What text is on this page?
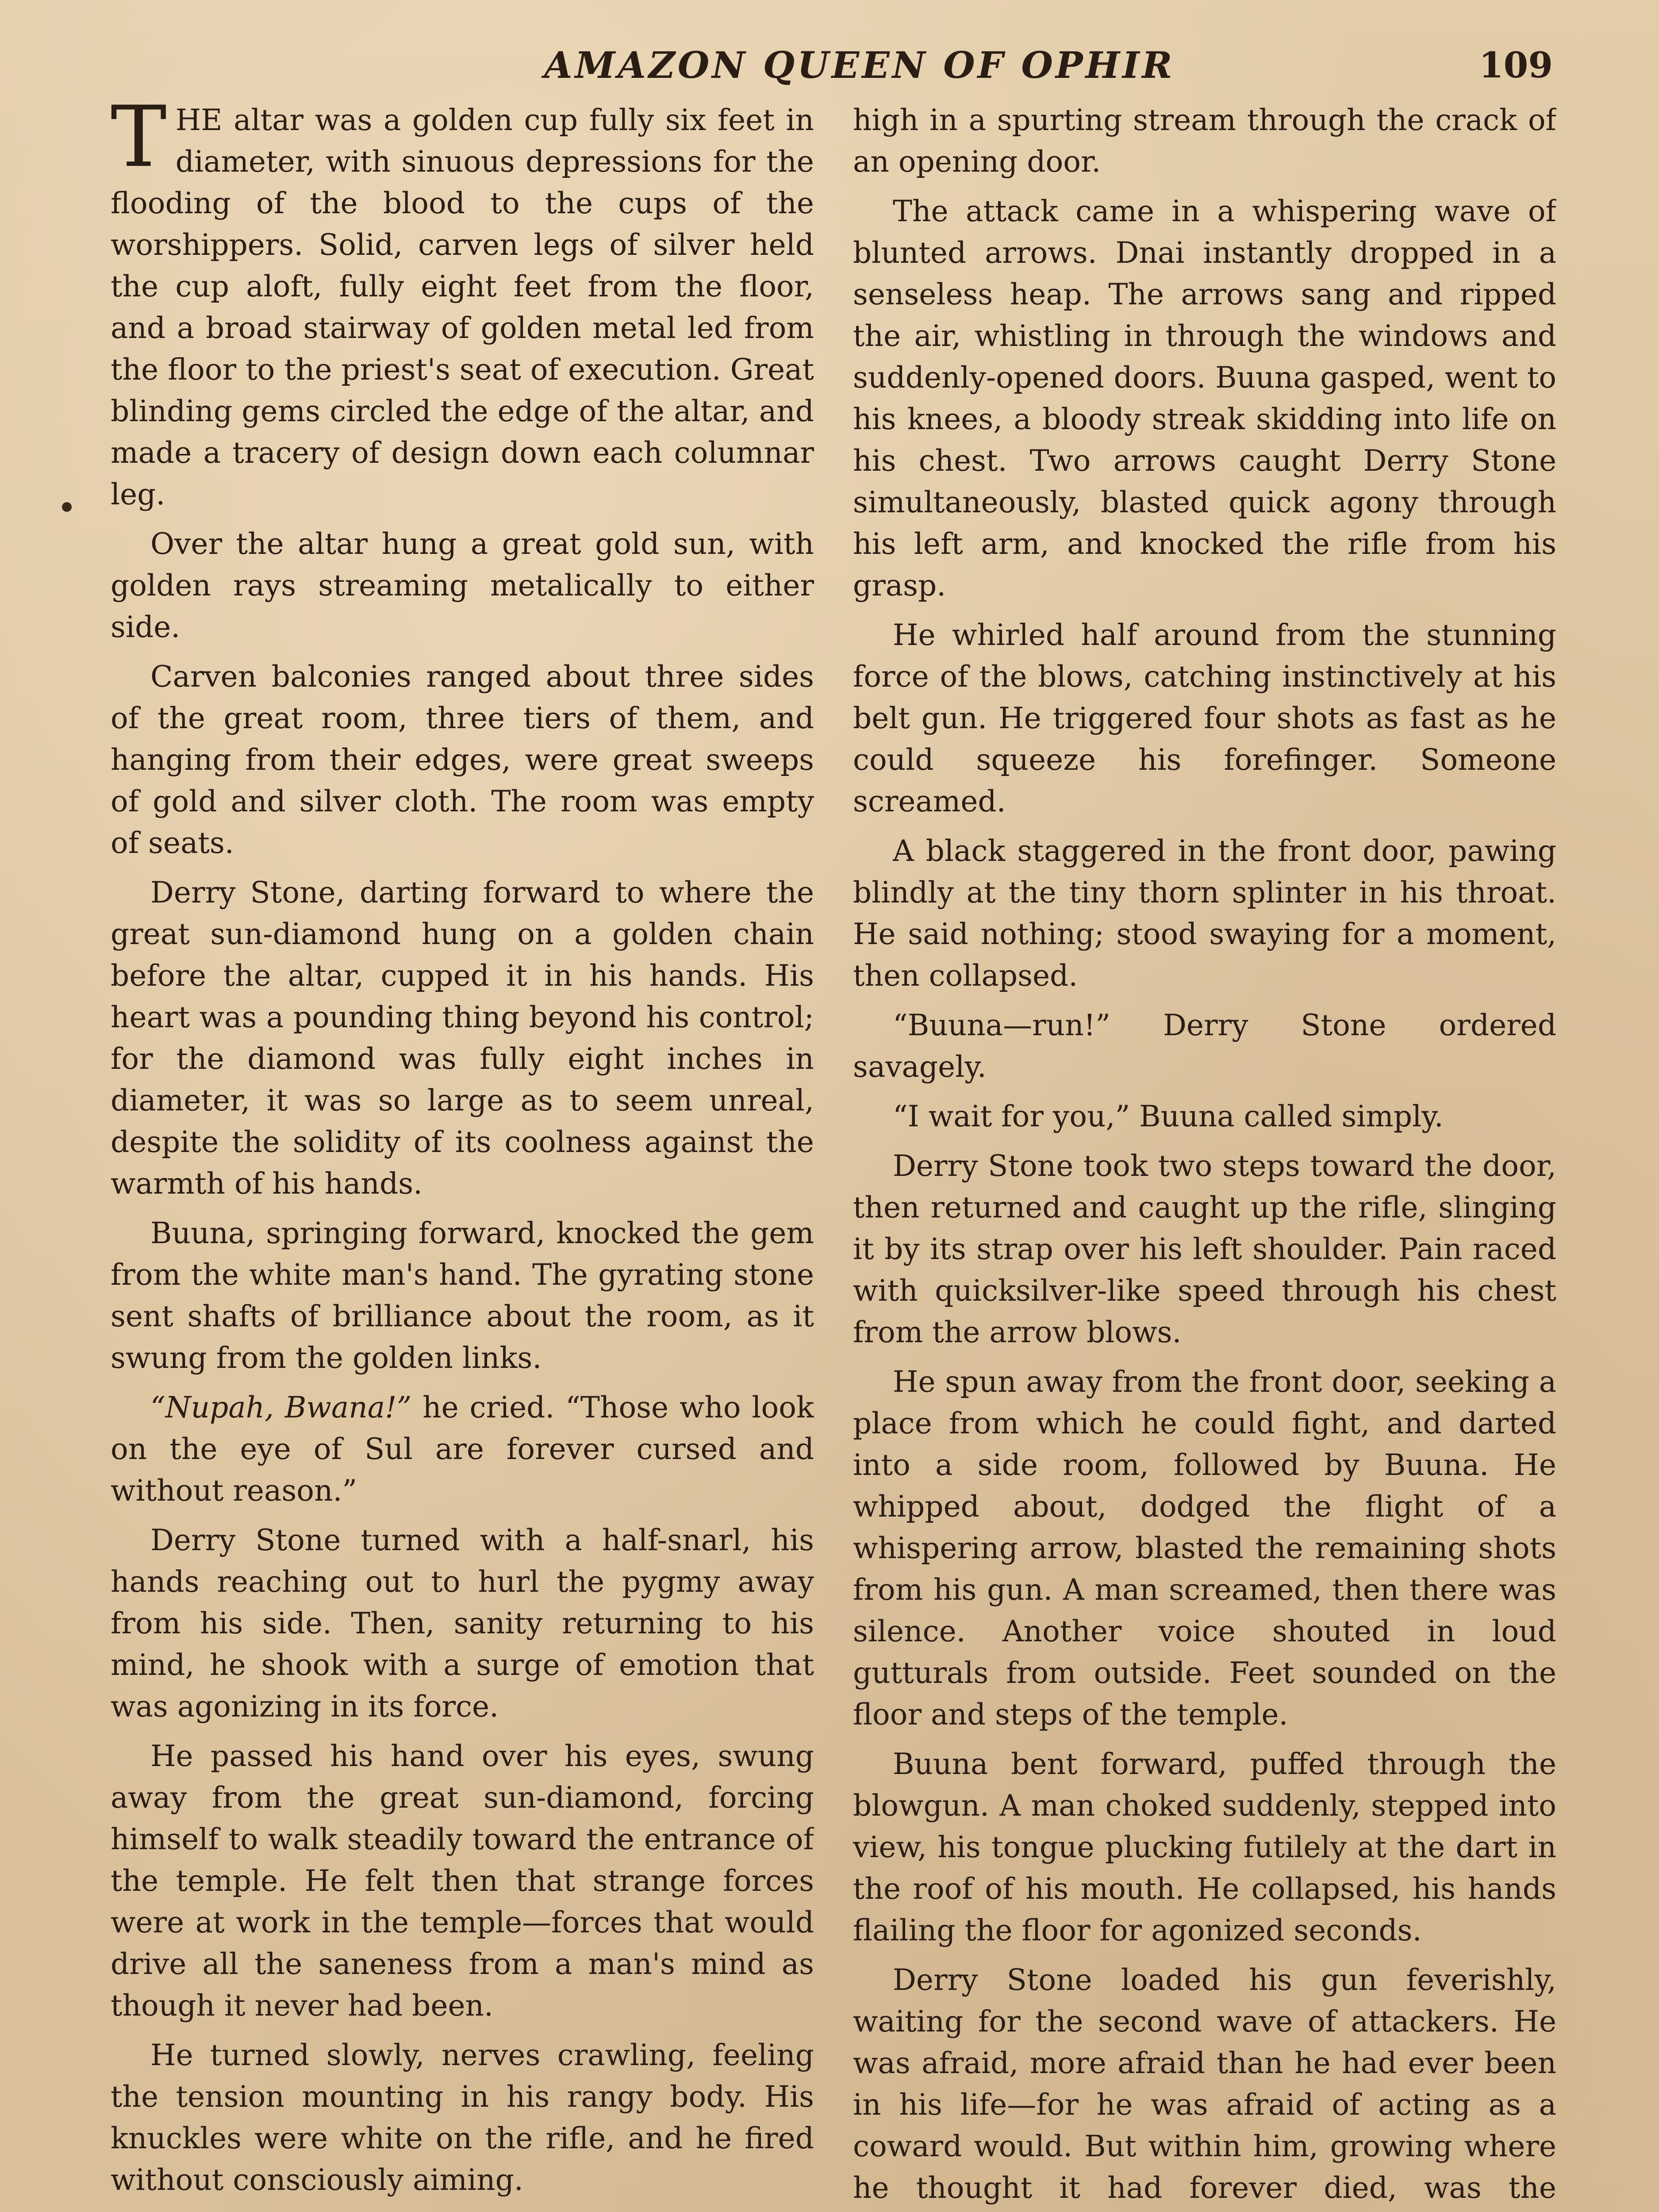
AMAZON QUEEN OF OPHIR	109

THE altar was a golden cup fully six feet in diameter, with sinuous depressions for the flooding of the blood to the cups of the worshippers. Solid, carven legs of silver held the cup aloft, fully eight feet from the floor, and a broad stairway of golden metal led from the floor to the priest's seat of execution. Great blinding gems circled the edge of the altar, and made a tracery of design down each columnar leg.

Over the altar hung a great gold sun, with golden rays streaming metalically to either side.

Carven balconies ranged about three sides of the great room, three tiers of them, and hanging from their edges, were great sweeps of gold and silver cloth. The room was empty of seats.

Derry Stone, darting forward to where the great sun-diamond hung on a golden chain before the altar, cupped it in his hands. His heart was a pounding thing beyond his control; for the diamond was fully eight inches in diameter, it was so large as to seem unreal, despite the solidity of its coolness against the warmth of his hands.

Buuna, springing forward, knocked the gem from the white man's hand. The gyrating stone sent shafts of brilliance about the room, as it swung from the golden links.

“Nupah, Bwana!” he cried. “Those who look on the eye of Sul are forever cursed and without reason.”

Derry Stone turned with a half-snarl, his hands reaching out to hurl the pygmy away from his side. Then, sanity returning to his mind, he shook with a surge of emotion that was agonizing in its force.

He passed his hand over his eyes, swung away from the great sun-diamond, forcing himself to walk steadily toward the entrance of the temple. He felt then that strange forces were at work in the temple—forces that would drive all the saneness from a man's mind as though it never had been.

He turned slowly, nerves crawling, feeling the tension mounting in his rangy body. His knuckles were white on the rifle, and he fired without consciously aiming.

high in a spurting stream through the crack of an opening door.

The attack came in a whispering wave of blunted arrows. Dnai instantly dropped in a senseless heap. The arrows sang and ripped the air, whistling in through the windows and suddenly-opened doors. Buuna gasped, went to his knees, a bloody streak skidding into life on his chest. Two arrows caught Derry Stone simultaneously, blasted quick agony through his left arm, and knocked the rifle from his grasp.

He whirled half around from the stunning force of the blows, catching instinctively at his belt gun. He triggered four shots as fast as he could squeeze his forefinger. Someone screamed.

A black staggered in the front door, pawing blindly at the tiny thorn splinter in his throat. He said nothing; stood swaying for a moment, then collapsed.

“Buuna—run!” Derry Stone ordered savagely.

“I wait for you,” Buuna called simply.

Derry Stone took two steps toward the door, then returned and caught up the rifle, slinging it by its strap over his left shoulder. Pain raced with quicksilver-like speed through his chest from the arrow blows.

He spun away from the front door, seeking a place from which he could fight, and darted into a side room, followed by Buuna. He whipped about, dodged the flight of a whispering arrow, blasted the remaining shots from his gun. A man screamed, then there was silence. Another voice shouted in loud gutturals from outside. Feet sounded on the floor and steps of the temple.

Buuna bent forward, puffed through the blowgun. A man choked suddenly, stepped into view, his tongue plucking futilely at the dart in the roof of his mouth. He collapsed, his hands flailing the floor for agonized seconds.

Derry Stone loaded his gun feverishly, waiting for the second wave of attackers. He was afraid, more afraid than he had ever been in his life—for he was afraid of acting as a coward would. But within him, growing where he thought it had forever died, was the
